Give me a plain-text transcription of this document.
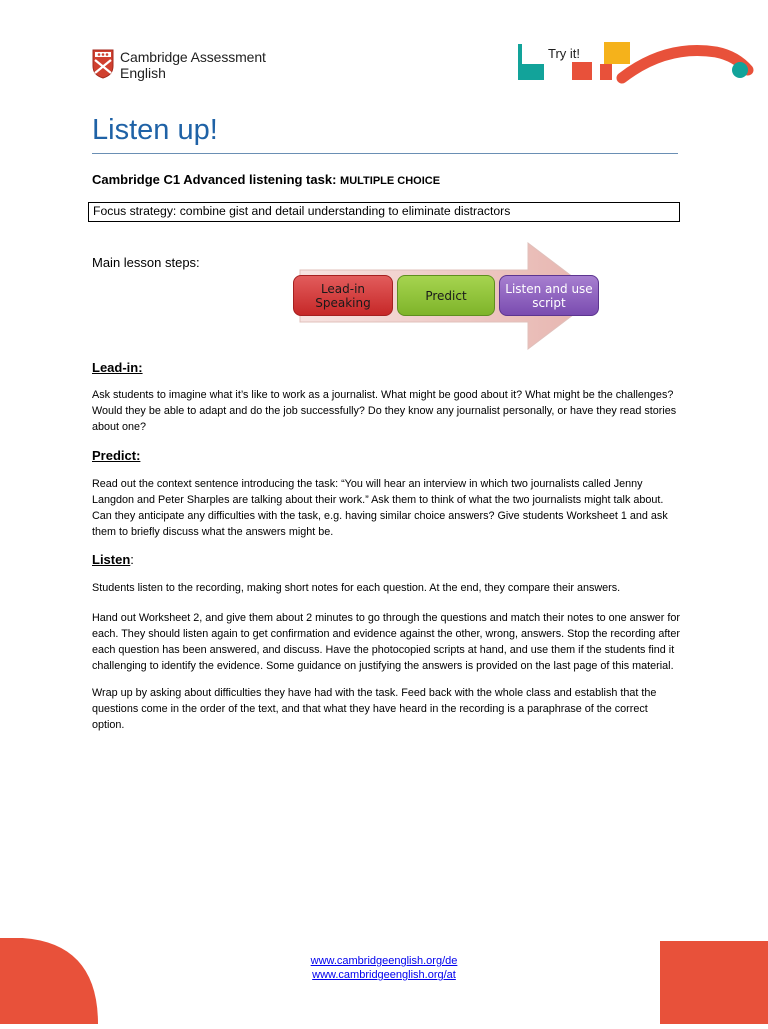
Cambridge Assessment
English
Try it!
Listen up!
Cambridge C1 Advanced listening task: MULTIPLE CHOICE
Focus strategy: combine gist and detail understanding to eliminate distractors
Main lesson steps:
Lead-in
Speaking	Predict	Listen and use
script
Lead-in:
Ask students to imagine what it’s like to work as a journalist. What might be good about it? What might be the challenges? Would they be able to adapt and do the job successfully? Do they know any journalist personally, or have they read stories about one?
Predict:
Read out the context sentence introducing the task: “You will hear an interview in which two journalists called Jenny Langdon and Peter Sharples are talking about their work.” Ask them to think of what the two journalists might talk about. Can they anticipate any difficulties with the task, e.g. having similar choice answers? Give students Worksheet 1 and ask them to briefly discuss what the answers might be.
Listen:
Students listen to the recording, making short notes for each question. At the end, they compare their answers.
Hand out Worksheet 2, and give them about 2 minutes to go through the questions and match their notes to one answer for each. They should listen again to get confirmation and evidence against the other, wrong, answers. Stop the recording after each question has been answered, and discuss. Have the photocopied scripts at hand, and use them if the students find it challenging to identify the evidence. Some guidance on justifying the answers is provided on the last page of this material.
Wrap up by asking about difficulties they have had with the task. Feed back with the whole class and establish that the questions come in the order of the text, and that what they have heard in the recording is a paraphrase of the correct option.
www.cambridgeenglish.org/de
www.cambridgeenglish.org/at
